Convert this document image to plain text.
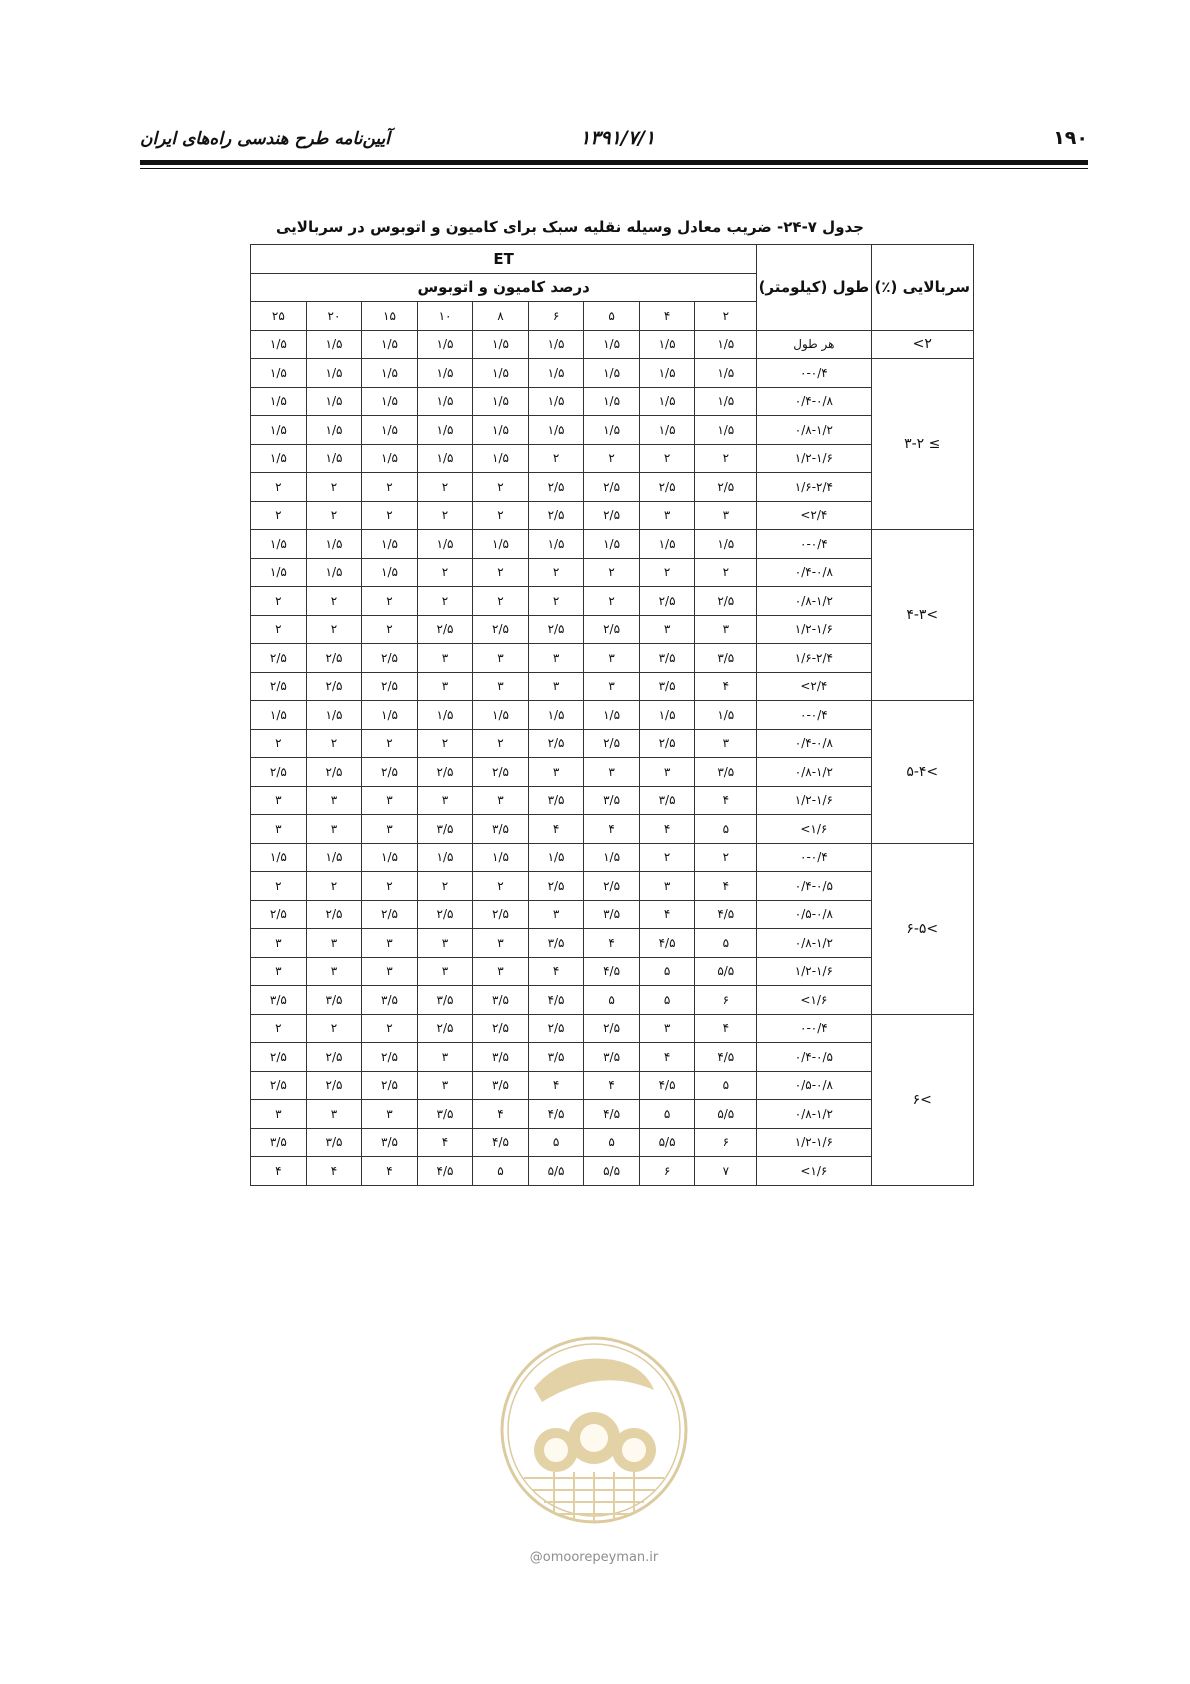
۱۹۰
۱۳۹۱/۷/۱
آیین‌نامه طرح هندسی راه‌های ایران
جدول ۷-۲۴- ضریب معادل وسیله نقلیه سبک برای کامیون و اتوبوس در سربالایی
سربالایی (٪)	طول (کیلومتر)	ET								
		درصد کامیون و اتوبوس								
		۲	۴	۵	۶	۸	۱۰	۱۵	۲۰	۲۵
<۲	هر طول	۱/۵	۱/۵	۱/۵	۱/۵	۱/۵	۱/۵	۱/۵	۱/۵	۱/۵
۳-۲ ≤	۰-۰/۴	۱/۵	۱/۵	۱/۵	۱/۵	۱/۵	۱/۵	۱/۵	۱/۵	۱/۵
	۰/۴-۰/۸	۱/۵	۱/۵	۱/۵	۱/۵	۱/۵	۱/۵	۱/۵	۱/۵	۱/۵
	۰/۸-۱/۲	۱/۵	۱/۵	۱/۵	۱/۵	۱/۵	۱/۵	۱/۵	۱/۵	۱/۵
	۱/۲-۱/۶	۲	۲	۲	۲	۱/۵	۱/۵	۱/۵	۱/۵	۱/۵
	۱/۶-۲/۴	۲/۵	۲/۵	۲/۵	۲/۵	۲	۲	۲	۲	۲
	<۲/۴	۳	۳	۲/۵	۲/۵	۲	۲	۲	۲	۲
۴-۳<	۰-۰/۴	۱/۵	۱/۵	۱/۵	۱/۵	۱/۵	۱/۵	۱/۵	۱/۵	۱/۵
	۰/۴-۰/۸	۲	۲	۲	۲	۲	۲	۱/۵	۱/۵	۱/۵
	۰/۸-۱/۲	۲/۵	۲/۵	۲	۲	۲	۲	۲	۲	۲
	۱/۲-۱/۶	۳	۳	۲/۵	۲/۵	۲/۵	۲/۵	۲	۲	۲
	۱/۶-۲/۴	۳/۵	۳/۵	۳	۳	۳	۳	۲/۵	۲/۵	۲/۵
	<۲/۴	۴	۳/۵	۳	۳	۳	۳	۲/۵	۲/۵	۲/۵
۵-۴<	۰-۰/۴	۱/۵	۱/۵	۱/۵	۱/۵	۱/۵	۱/۵	۱/۵	۱/۵	۱/۵
	۰/۴-۰/۸	۳	۲/۵	۲/۵	۲/۵	۲	۲	۲	۲	۲
	۰/۸-۱/۲	۳/۵	۳	۳	۳	۲/۵	۲/۵	۲/۵	۲/۵	۲/۵
	۱/۲-۱/۶	۴	۳/۵	۳/۵	۳/۵	۳	۳	۳	۳	۳
	<۱/۶	۵	۴	۴	۴	۳/۵	۳/۵	۳	۳	۳
۶-۵<	۰-۰/۴	۲	۲	۱/۵	۱/۵	۱/۵	۱/۵	۱/۵	۱/۵	۱/۵
	۰/۴-۰/۵	۴	۳	۲/۵	۲/۵	۲	۲	۲	۲	۲
	۰/۵-۰/۸	۴/۵	۴	۳/۵	۳	۲/۵	۲/۵	۲/۵	۲/۵	۲/۵
	۰/۸-۱/۲	۵	۴/۵	۴	۳/۵	۳	۳	۳	۳	۳
	۱/۲-۱/۶	۵/۵	۵	۴/۵	۴	۳	۳	۳	۳	۳
	<۱/۶	۶	۵	۵	۴/۵	۳/۵	۳/۵	۳/۵	۳/۵	۳/۵
۶<	۰-۰/۴	۴	۳	۲/۵	۲/۵	۲/۵	۲/۵	۲	۲	۲
	۰/۴-۰/۵	۴/۵	۴	۳/۵	۳/۵	۳/۵	۳	۲/۵	۲/۵	۲/۵
	۰/۵-۰/۸	۵	۴/۵	۴	۴	۳/۵	۳	۲/۵	۲/۵	۲/۵
	۰/۸-۱/۲	۵/۵	۵	۴/۵	۴/۵	۴	۳/۵	۳	۳	۳
	۱/۲-۱/۶	۶	۵/۵	۵	۵	۴/۵	۴	۳/۵	۳/۵	۳/۵
	<۱/۶	۷	۶	۵/۵	۵/۵	۵	۴/۵	۴	۴	۴
@omoorepeyman.ir
